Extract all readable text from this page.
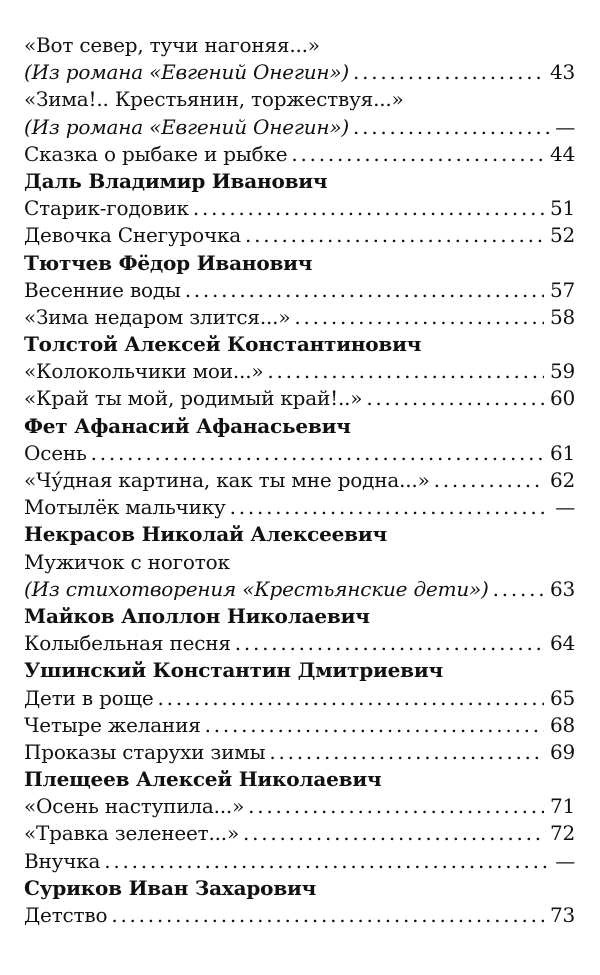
«Вот север, тучи нагоняя...»
(Из романа «Евгений Онегин») . . .	43
«Зима!.. Крестьянин, торжествуя...»
(Из романа «Евгений Онегин») . . .	—
Сказка о рыбаке и рыбке . . .	44
Даль Владимир Иванович
Старик-годовик . . .	51
Девочка Снегурочка . . .	52
Тютчев Фёдор Иванович
Весенние воды . . .	57
«Зима недаром злится...» . . .	58
Толстой Алексей Константинович
«Колокольчики мои...» . . .	59
«Край ты мой, родимый край!..» . . .	60
Фет Афанасий Афанасьевич
Осень . . .	61
«Чу́дная картина, как ты мне родна...» . . .	62
Мотылёк мальчику . . .	—
Некрасов Николай Алексеевич
Мужичок с ноготок
(Из стихотворения «Крестьянские дети») . . .	63
Майков Аполлон Николаевич
Колыбельная песня . . .	64
Ушинский Константин Дмитриевич
Дети в роще . . .	65
Четыре желания . . .	68
Проказы старухи зимы . . .	69
Плещеев Алексей Николаевич
«Осень наступила...» . . .	71
«Травка зеленеет...» . . .	72
Внучка . . .	—
Суриков Иван Захарович
Детство . . .	73
